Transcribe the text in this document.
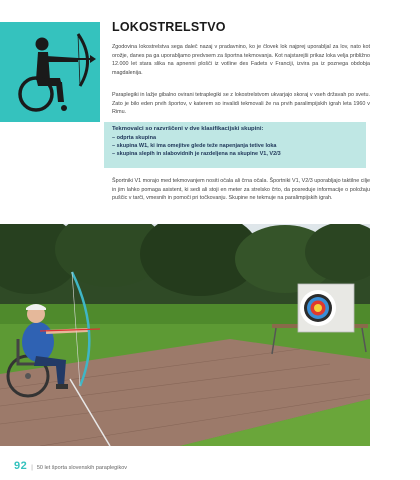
LOKOSTRELSTVO

Zgodovina lokostrelstva sega daleč nazaj v pradavnino, ko je človek lok najprej uporabljal za lov, nato kot orožje, danes pa ga uporabljamo predvsem za športna tekmovanja. Kot najstarejši prikaz loka velja približno 12.000 let stara slika na apnenni plošči iz votline des Fadets v Franciji, izvira pa iz poznega obdobja magdalenija.

Paraplegiki in lažje gibalno ovirani tetraplegiki se z lokostrelstvom ukvarjajo skoraj v vseh državah po svetu. Zato je bilo eden prvih športov, v katerem so invalidi tekmovali že na prvih paralimpijskih igrah leta 1960 v Rimu.

Tekmovalci so razvrščeni v dve klasifikacijski skupini:
– odprta skupina
– skupina W1, ki ima omejitve glede teže napenjanja tetive loka
– skupina slepih in slabovidnih je razdeljena na skupine V1, V2/3

Športniki V1 morajo med tekmovanjem nositi očala ali črna očala. Športniki V1, V2/3 uporabljajo taktilne cilje in jim lahko pomaga asistent, ki sedi ali stoji en meter za strelsko črto, da posreduje informacije o položaju puščic v tarči, vmesnih in pomoči pri točkovanju. Skupine ne tekmuje na paralimpijskih igrah.

92 | 50 let športa slovenskih paraplegikov
